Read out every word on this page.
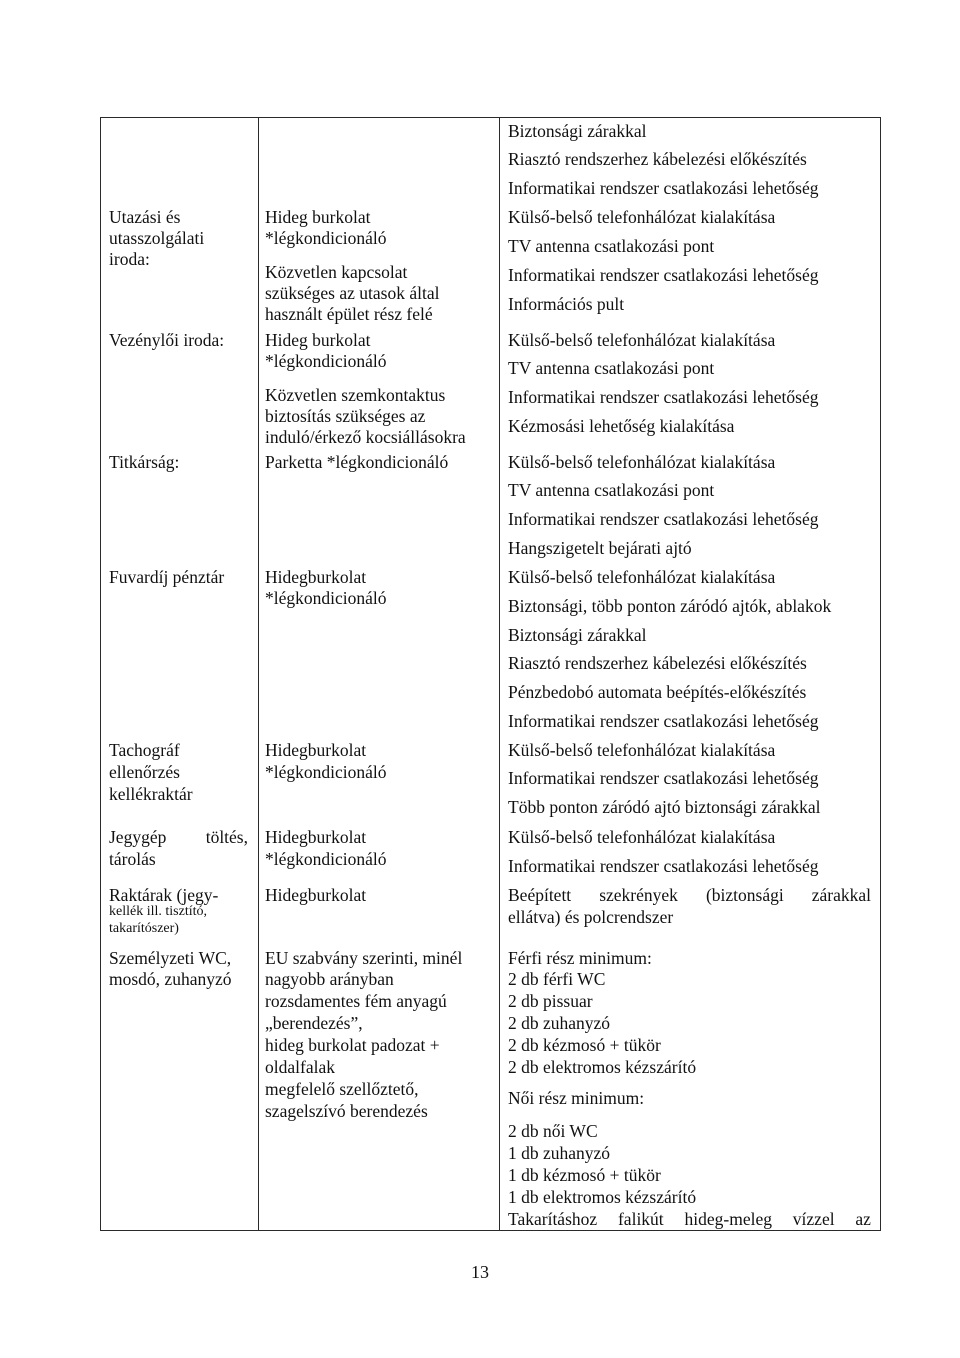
Utazási és
utasszolgálati
iroda:
Vezénylői iroda:
Titkárság:
Fuvardíj pénztár
Tachográf
ellenőrzés
kellékraktár
Jegygép töltés,
tárolás
Raktárak (jegy-
kellék ill. tisztító,
takarítószer)
Személyzeti WC,
mosdó, zuhanyzó
Hideg burkolat
*légkondicionáló
Közvetlen kapcsolat
szükséges az utasok által
használt épület rész felé
Hideg burkolat
*légkondicionáló
Közvetlen szemkontaktus
biztosítás szükséges az
induló/érkező kocsiállásokra
Parketta *légkondicionáló
Hidegburkolat
*légkondicionáló
Hidegburkolat
*légkondicionáló
Hidegburkolat
*légkondicionáló
Hidegburkolat
EU szabvány szerinti, minél
nagyobb arányban
rozsdamentes fém anyagú
„berendezés”,
hideg burkolat padozat +
oldalfalak
megfelelő szellőztető,
szagelszívó berendezés
Biztonsági zárakkal
Riasztó rendszerhez kábelezési előkészítés
Informatikai rendszer csatlakozási lehetőség
Külső-belső telefonhálózat kialakítása
TV antenna csatlakozási pont
Informatikai rendszer csatlakozási lehetőség
Információs pult
Külső-belső telefonhálózat kialakítása
TV antenna csatlakozási pont
Informatikai rendszer csatlakozási lehetőség
Kézmosási lehetőség kialakítása
Külső-belső telefonhálózat kialakítása
TV antenna csatlakozási pont
Informatikai rendszer csatlakozási lehetőség
Hangszigetelt bejárati ajtó
Külső-belső telefonhálózat kialakítása
Biztonsági, több ponton záródó ajtók, ablakok
Biztonsági zárakkal
Riasztó rendszerhez kábelezési előkészítés
Pénzbedobó automata beépítés-előkészítés
Informatikai rendszer csatlakozási lehetőség
Külső-belső telefonhálózat kialakítása
Informatikai rendszer csatlakozási lehetőség
Több ponton záródó ajtó biztonsági zárakkal
Külső-belső telefonhálózat kialakítása
Informatikai rendszer csatlakozási lehetőség
Beépített szekrények (biztonsági zárakkal
ellátva) és polcrendszer
Férfi rész minimum:
2 db férfi WC
2 db pissuar
2 db zuhanyzó
2 db kézmosó + tükör
2 db elektromos kézszárító
Női rész minimum:
2 db női WC
1 db zuhanyzó
1 db kézmosó + tükör
1 db elektromos kézszárító
Takarításhoz falikút hideg-meleg vízzel az
13
